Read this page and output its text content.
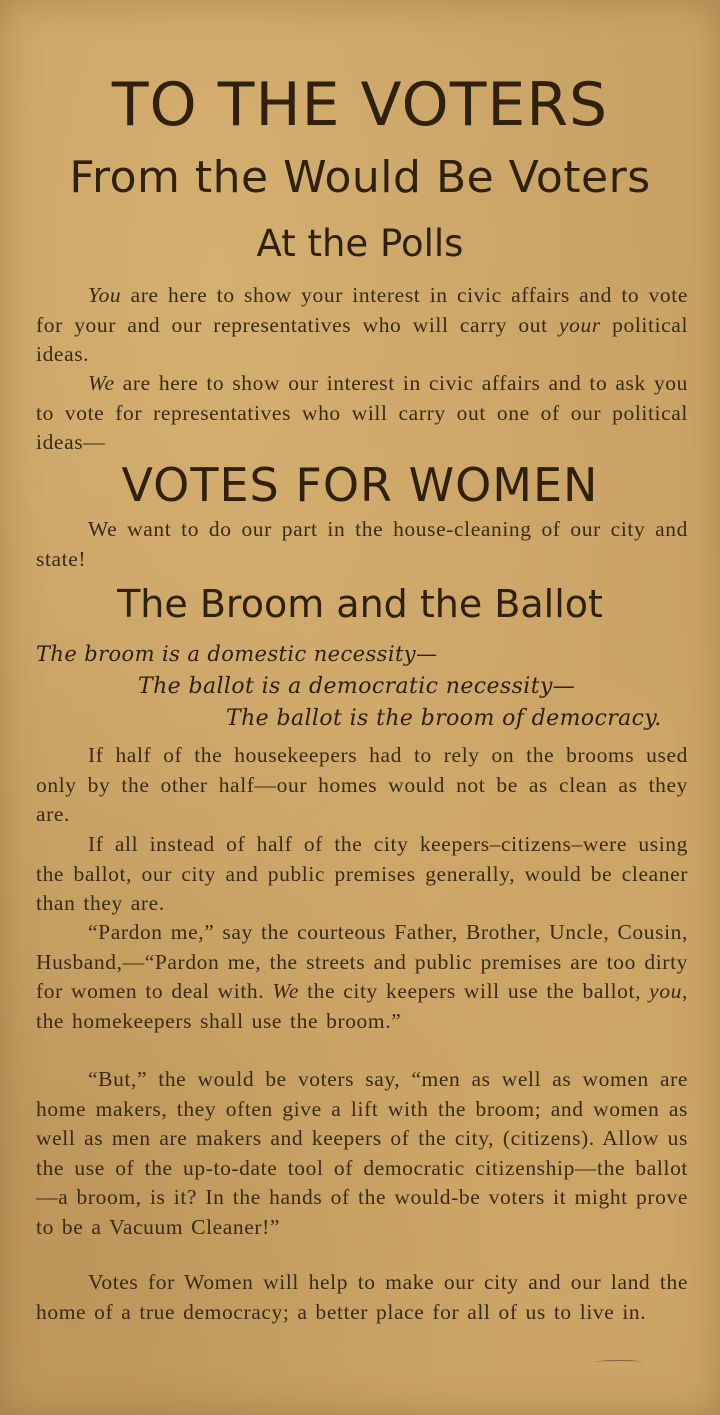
TO THE VOTERS
From the Would Be Voters
At the Polls

You are here to show your interest in civic affairs and to vote for your and our representatives who will carry out your political ideas.

We are here to show our interest in civic affairs and to ask you to vote for representatives who will carry out one of our political ideas—

VOTES FOR WOMEN

We want to do our part in the house-cleaning of our city and state!

The Broom and the Ballot

The broom is a domestic necessity—

The ballot is a democratic necessity—

The ballot is the broom of democracy.

If half of the housekeepers had to rely on the brooms used only by the other half—our homes would not be as clean as they are.

If all instead of half of the city keepers–citizens–were using the ballot, our city and public premises generally, would be cleaner than they are.

“Pardon me,” say the courteous Father, Brother, Uncle, Cousin, Husband,—“Pardon me, the streets and public premises are too dirty for women to deal with. We the city keepers will use the ballot, you, the homekeepers shall use the broom.”

“But,” the would be voters say, “men as well as women are home makers, they often give a lift with the broom; and women as well as men are makers and keepers of the city, (citizens). Allow us the use of the up-to-date tool of democratic citizenship—the ballot—a broom, is it? In the hands of the would-be voters it might prove to be a Vacuum Cleaner!”

Votes for Women will help to make our city and our land the home of a true democracy; a better place for all of us to live in.
